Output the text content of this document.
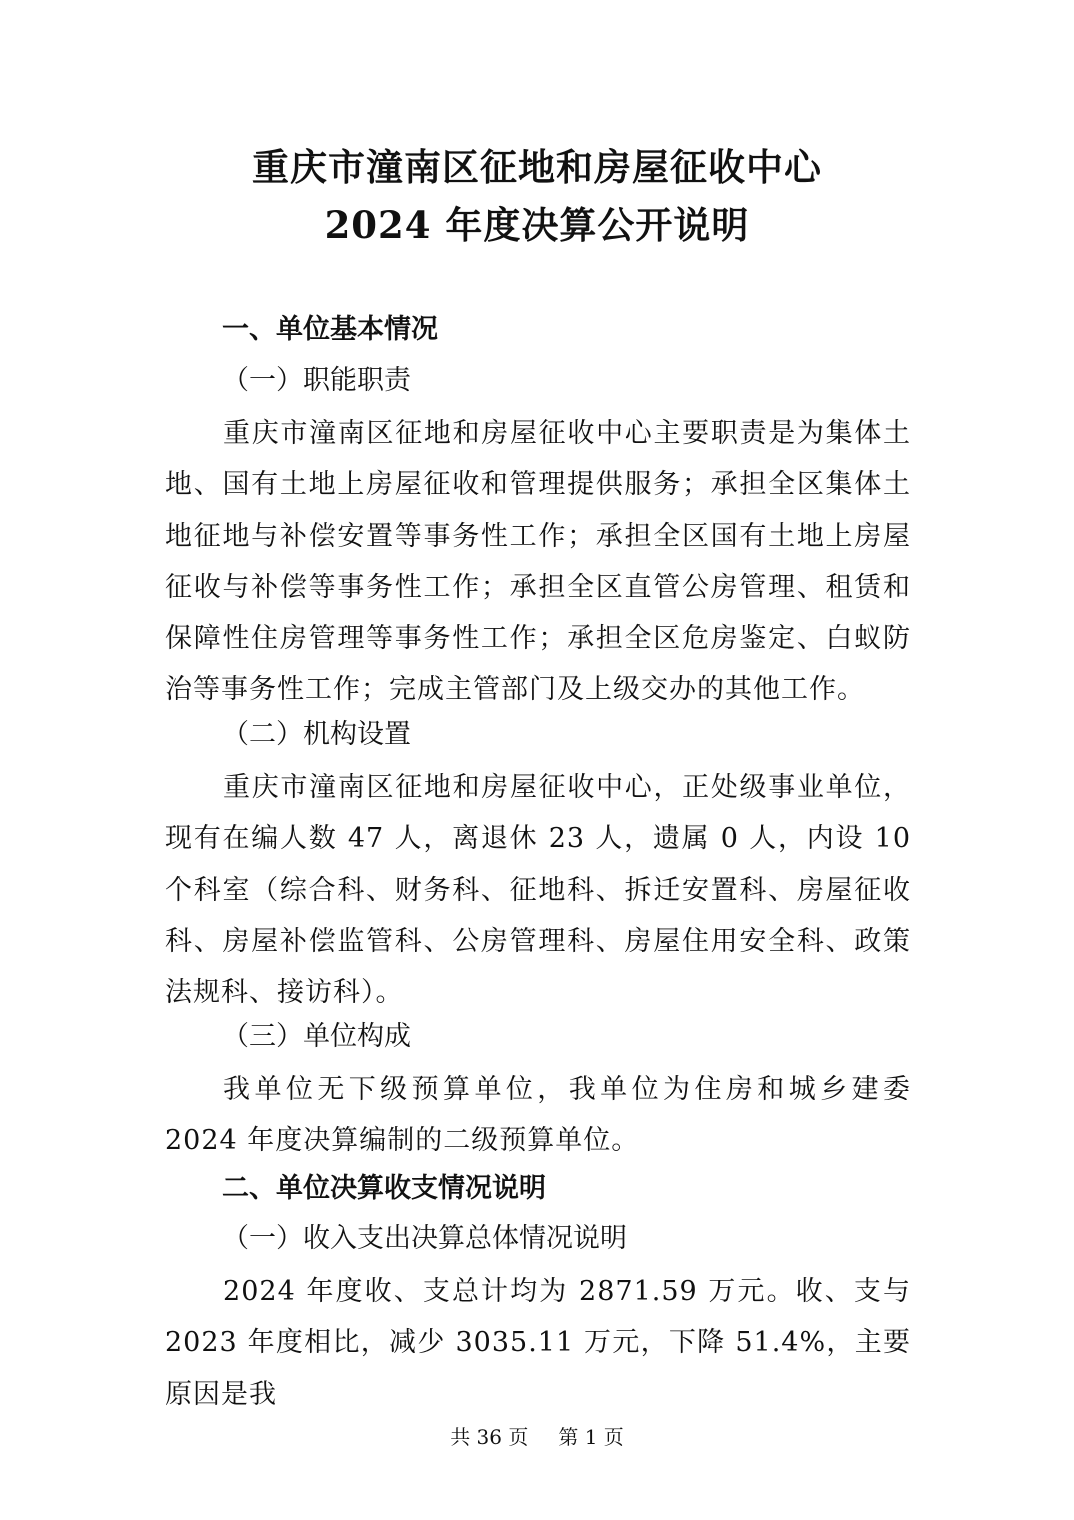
重庆市潼南区征地和房屋征收中心
2024 年度决算公开说明
一、单位基本情况
（一）职能职责
重庆市潼南区征地和房屋征收中心主要职责是为集体土地、国有土地上房屋征收和管理提供服务；承担全区集体土地征地与补偿安置等事务性工作；承担全区国有土地上房屋征收与补偿等事务性工作；承担全区直管公房管理、租赁和保障性住房管理等事务性工作；承担全区危房鉴定、白蚁防治等事务性工作；完成主管部门及上级交办的其他工作。
（二）机构设置
重庆市潼南区征地和房屋征收中心，正处级事业单位，现有在编人数 47 人，离退休 23 人，遗属 0 人，内设 10 个科室（综合科、财务科、征地科、拆迁安置科、房屋征收科、房屋补偿监管科、公房管理科、房屋住用安全科、政策法规科、接访科）。
（三）单位构成
我单位无下级预算单位，我单位为住房和城乡建委 2024 年度决算编制的二级预算单位。
二、单位决算收支情况说明
（一）收入支出决算总体情况说明
2024 年度收、支总计均为 2871.59 万元。收、支与 2023 年度相比，减少 3035.11 万元，下降 51.4%，主要原因是我
共 36 页 第 1 页
